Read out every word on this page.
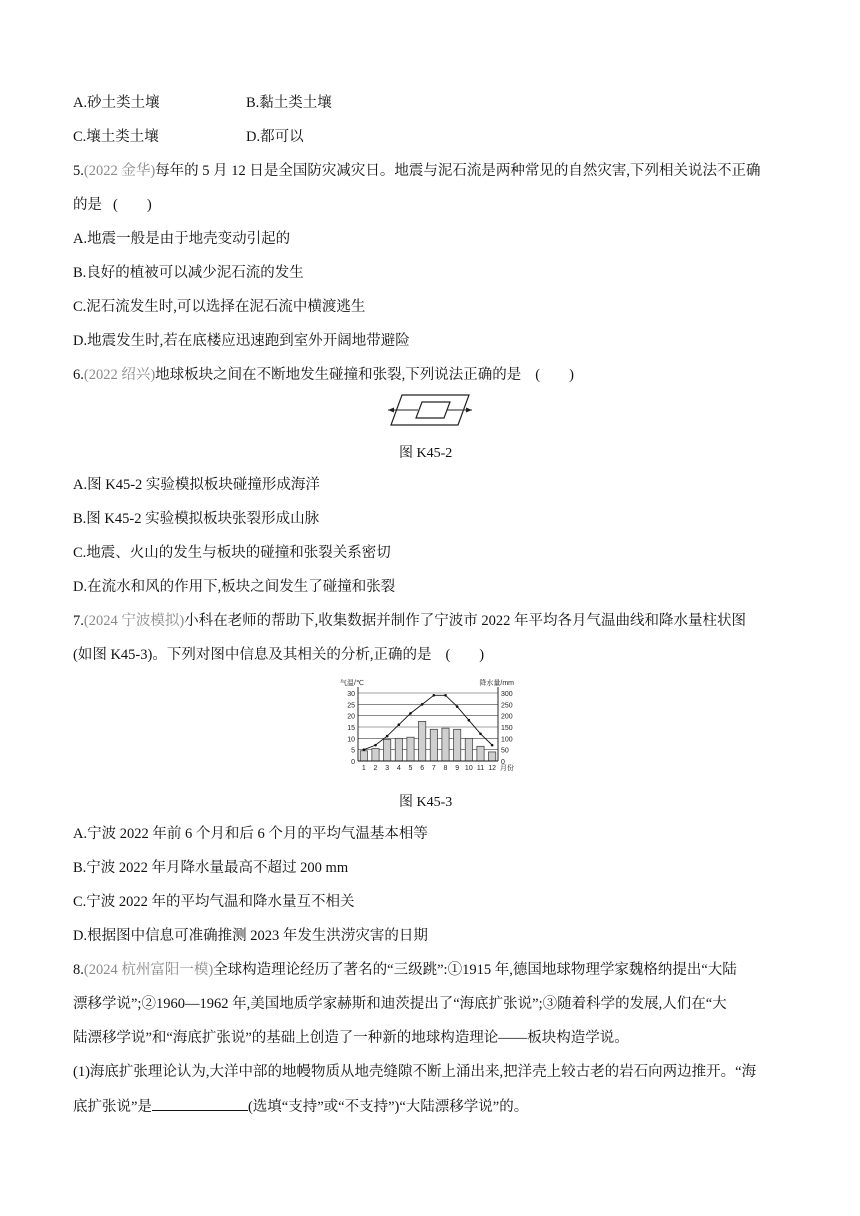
A.砂土类土壤	B.黏土类土壤
C.壤土类土壤	D.都可以
5.(2022 金华)每年的 5 月 12 日是全国防灾减灾日。地震与泥石流是两种常见的自然灾害,下列相关说法不正确
的是 (　　)
A.地震一般是由于地壳变动引起的
B.良好的植被可以减少泥石流的发生
C.泥石流发生时,可以选择在泥石流中横渡逃生
D.地震发生时,若在底楼应迅速跑到室外开阔地带避险
6.(2022 绍兴)地球板块之间在不断地发生碰撞和张裂,下列说法正确的是 (　　)
图 K45-2
A.图 K45-2 实验模拟板块碰撞形成海洋
B.图 K45-2 实验模拟板块张裂形成山脉
C.地震、火山的发生与板块的碰撞和张裂关系密切
D.在流水和风的作用下,板块之间发生了碰撞和张裂
7.(2024 宁波模拟)小科在老师的帮助下,收集数据并制作了宁波市 2022 年平均各月气温曲线和降水量柱状图
(如图 K45-3)。下列对图中信息及其相关的分析,正确的是 (　　)
0	0
5	50
10	100
15	150
20	200
25	250
30	300
1 2 3 4 5 6 7 8 9 10 11 12 月份
气温/℃	降水量/mm
图 K45-3
A.宁波 2022 年前 6 个月和后 6 个月的平均气温基本相等
B.宁波 2022 年月降水量最高不超过 200 mm
C.宁波 2022 年的平均气温和降水量互不相关
D.根据图中信息可准确推测 2023 年发生洪涝灾害的日期
8.(2024 杭州富阳一模)全球构造理论经历了著名的“三级跳”:①1915 年,德国地球物理学家魏格纳提出“大陆
漂移学说”;②1960—1962 年,美国地质学家赫斯和迪茨提出了“海底扩张说”;③随着科学的发展,人们在“大
陆漂移学说”和“海底扩张说”的基础上创造了一种新的地球构造理论——板块构造学说。
(1)海底扩张理论认为,大洋中部的地幔物质从地壳缝隙不断上涌出来,把洋壳上较古老的岩石向两边推开。“海
底扩张说”是	(选填“支持”或“不支持”)“大陆漂移学说”的。
